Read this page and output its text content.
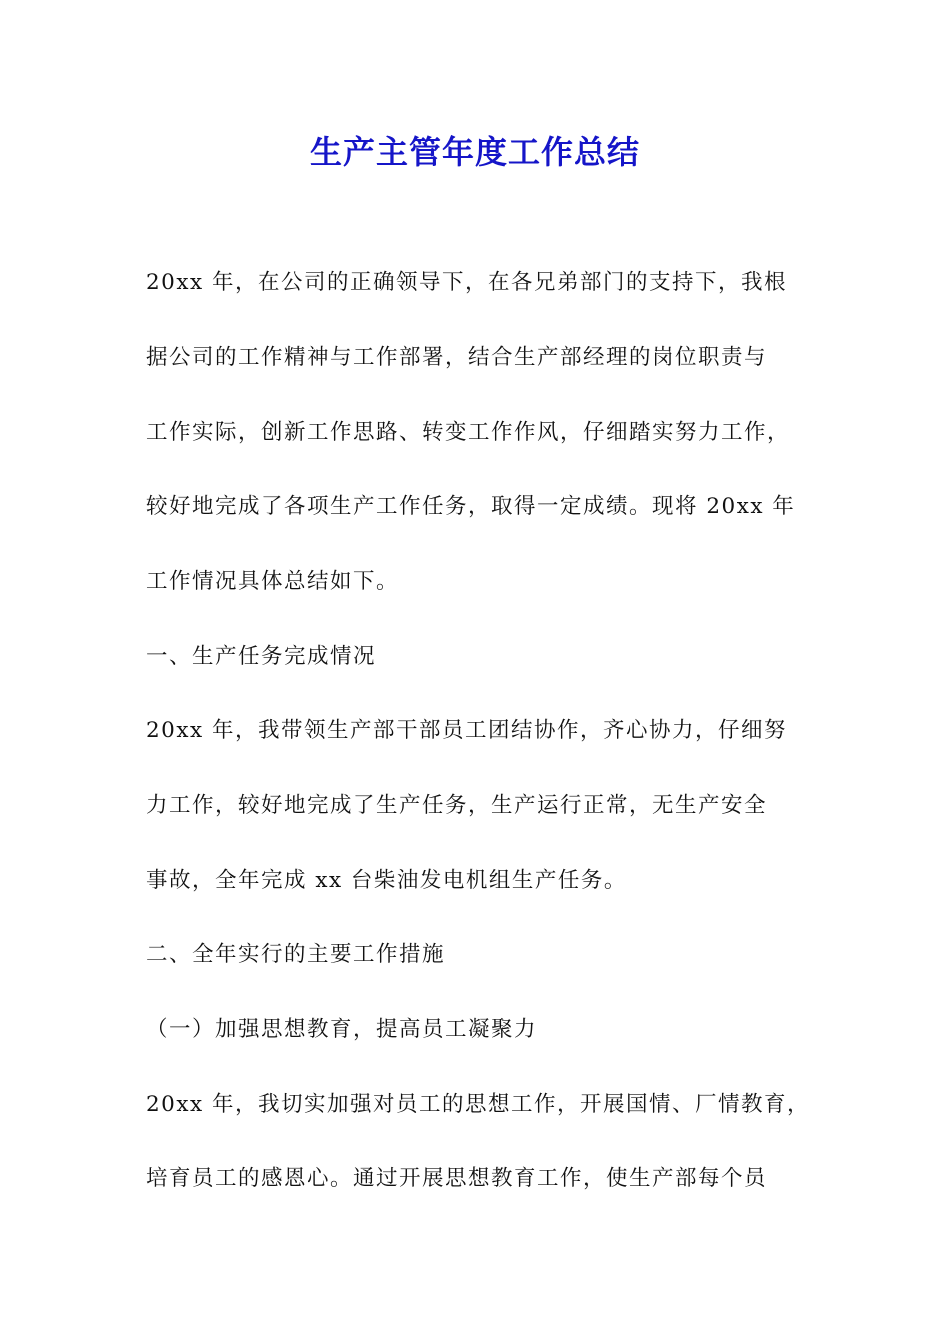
生产主管年度工作总结
20xx 年，在公司的正确领导下，在各兄弟部门的支持下，我根
据公司的工作精神与工作部署，结合生产部经理的岗位职责与
工作实际，创新工作思路、转变工作作风，仔细踏实努力工作，
较好地完成了各项生产工作任务，取得一定成绩。现将 20xx 年
工作情况具体总结如下。
一、生产任务完成情况
20xx 年，我带领生产部干部员工团结协作，齐心协力，仔细努
力工作，较好地完成了生产任务，生产运行正常，无生产安全
事故，全年完成 xx 台柴油发电机组生产任务。
二、全年实行的主要工作措施
（一）加强思想教育，提高员工凝聚力
20xx 年，我切实加强对员工的思想工作，开展国情、厂情教育，
培育员工的感恩心。通过开展思想教育工作，使生产部每个员
